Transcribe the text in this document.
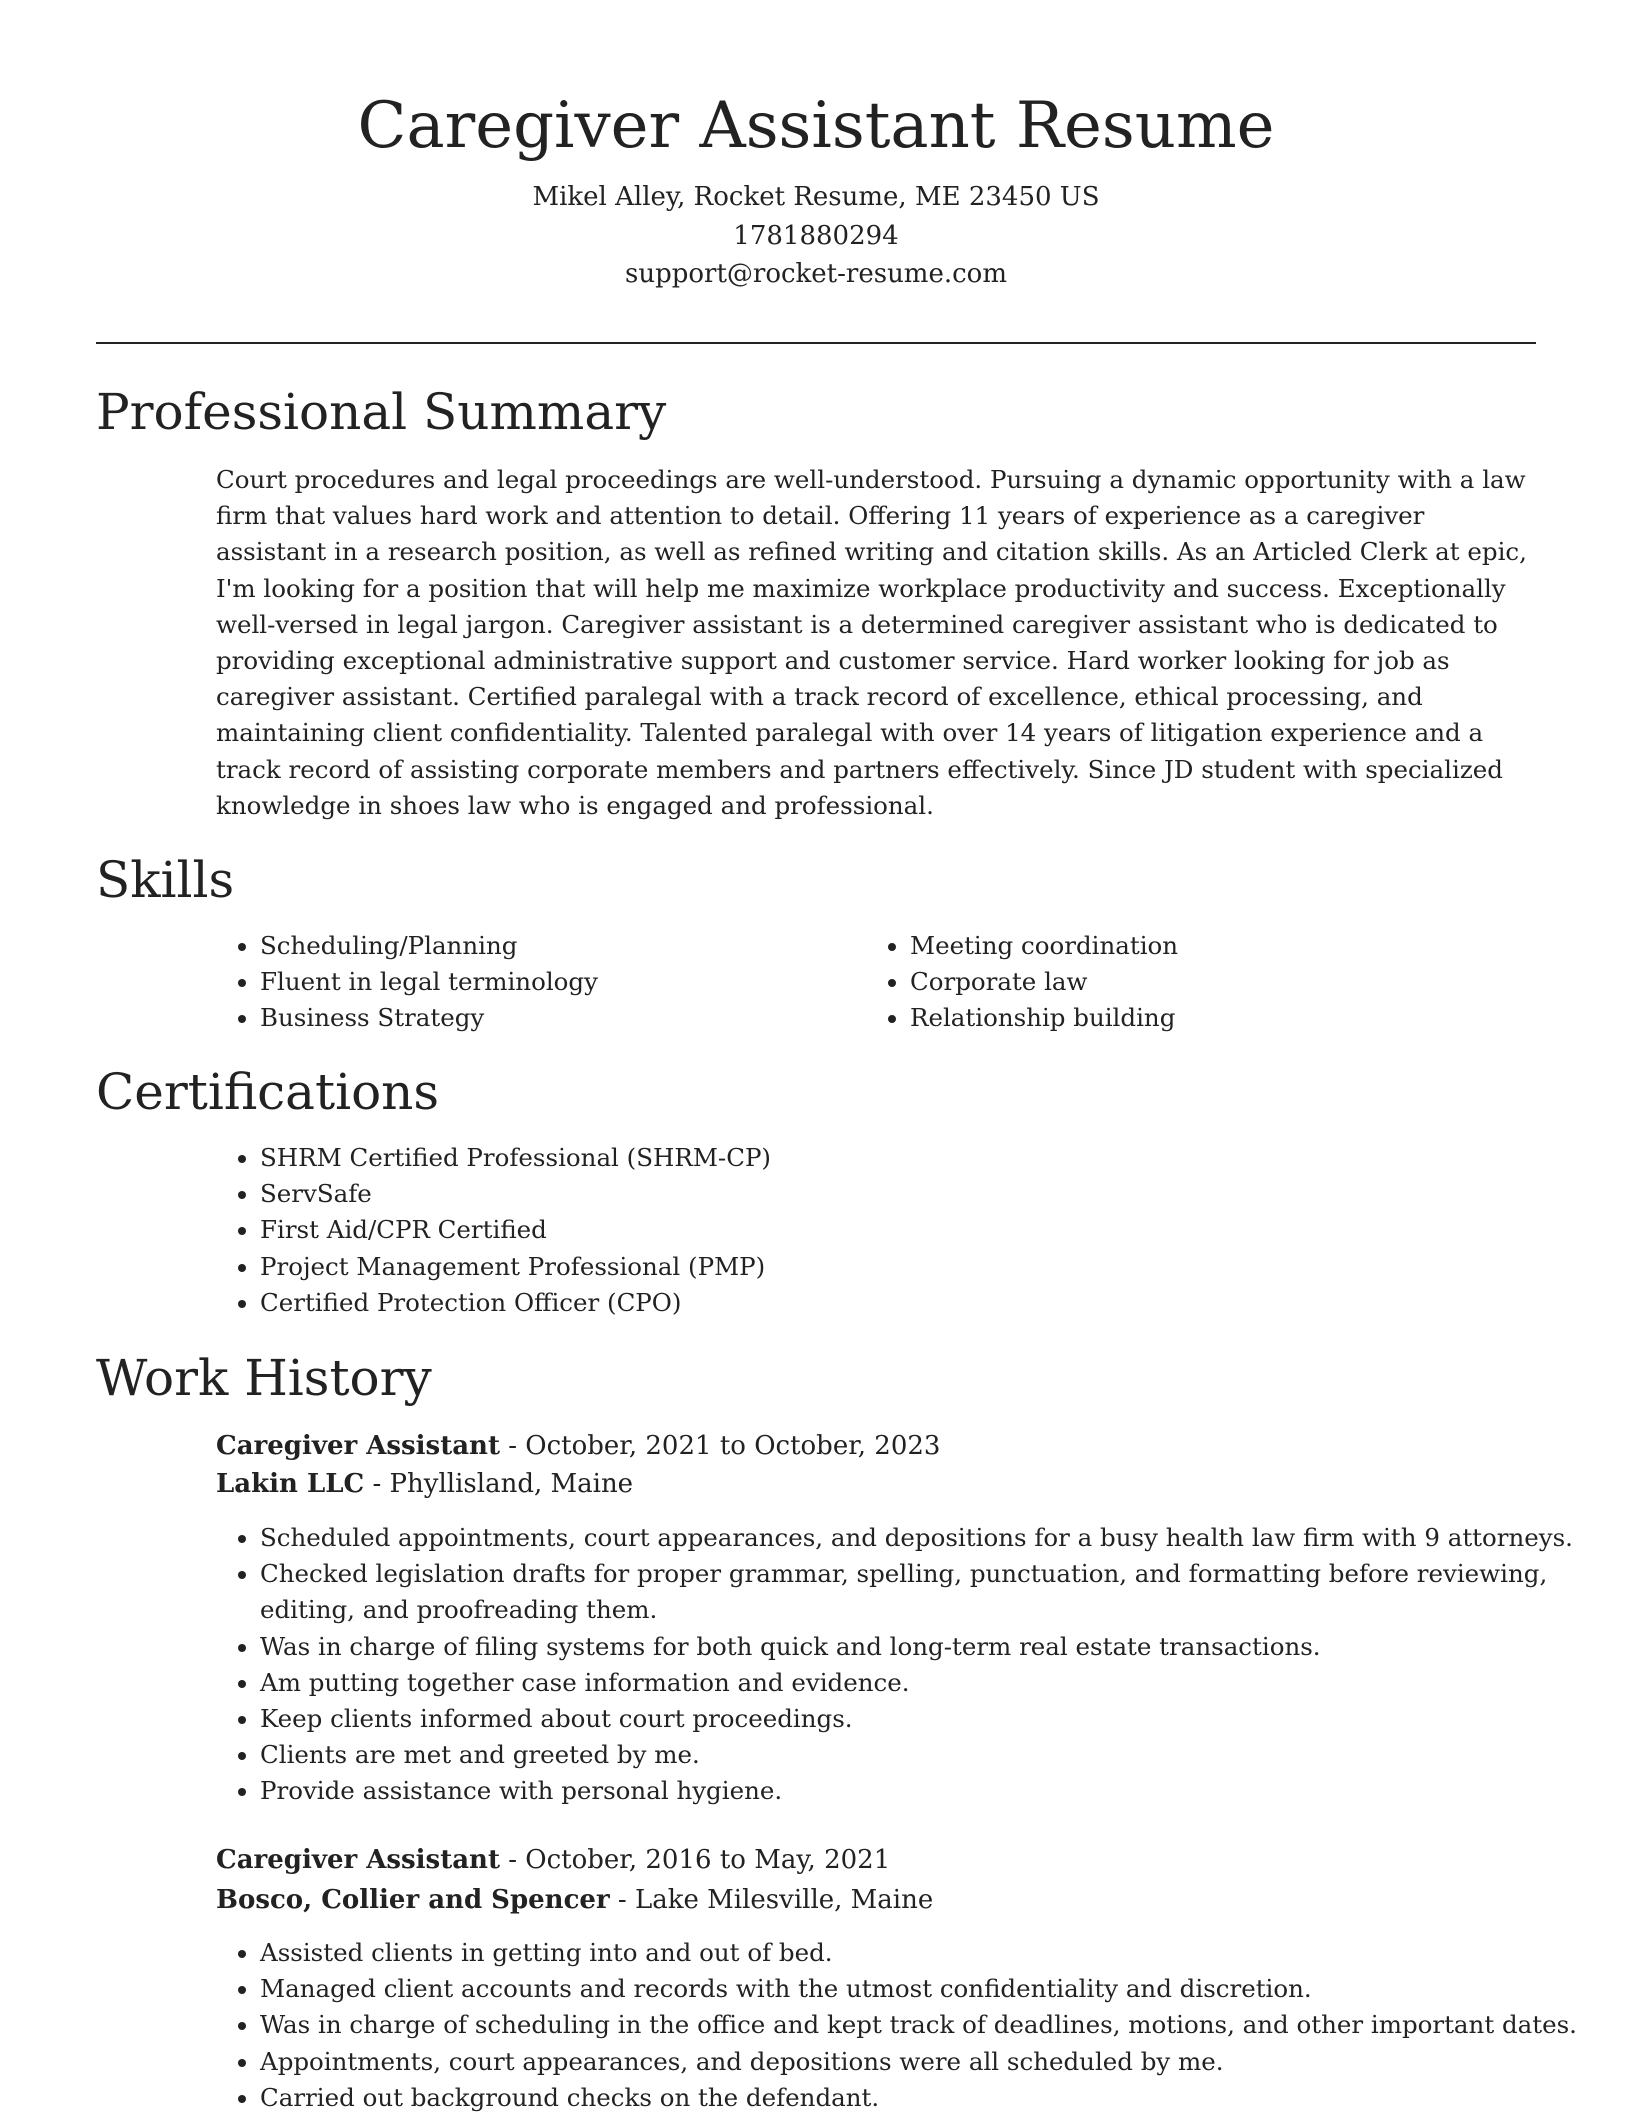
Caregiver Assistant Resume
Mikel Alley, Rocket Resume, ME 23450 US
1781880294
support@rocket-resume.com
Professional Summary

Court procedures and legal proceedings are well-understood. Pursuing a dynamic opportunity with a law firm that values hard work and attention to detail. Offering 11 years of experience as a caregiver assistant in a research position, as well as refined writing and citation skills. As an Articled Clerk at epic, I'm looking for a position that will help me maximize workplace productivity and success. Exceptionally well-versed in legal jargon. Caregiver assistant is a determined caregiver assistant who is dedicated to providing exceptional administrative support and customer service. Hard worker looking for job as caregiver assistant. Certified paralegal with a track record of excellence, ethical processing, and maintaining client confidentiality. Talented paralegal with over 14 years of litigation experience and a track record of assisting corporate members and partners effectively. Since JD student with specialized knowledge in shoes law who is engaged and professional.

Skills
• Scheduling/Planning
• Fluent in legal terminology
• Business Strategy
• Meeting coordination
• Corporate law
• Relationship building
Certifications
• SHRM Certified Professional (SHRM-CP)
• ServSafe
• First Aid/CPR Certified
• Project Management Professional (PMP)
• Certified Protection Officer (CPO)
Work History
Caregiver Assistant - October, 2021 to October, 2023
Lakin LLC - Phyllisland, Maine
• Scheduled appointments, court appearances, and depositions for a busy health law firm with 9 attorneys.
• Checked legislation drafts for proper grammar, spelling, punctuation, and formatting before reviewing, editing, and proofreading them.
• Was in charge of filing systems for both quick and long-term real estate transactions.
• Am putting together case information and evidence.
• Keep clients informed about court proceedings.
• Clients are met and greeted by me.
• Provide assistance with personal hygiene.
Caregiver Assistant - October, 2016 to May, 2021
Bosco, Collier and Spencer - Lake Milesville, Maine
• Assisted clients in getting into and out of bed.
• Managed client accounts and records with the utmost confidentiality and discretion.
• Was in charge of scheduling in the office and kept track of deadlines, motions, and other important dates.
• Appointments, court appearances, and depositions were all scheduled by me.
• Carried out background checks on the defendant.
